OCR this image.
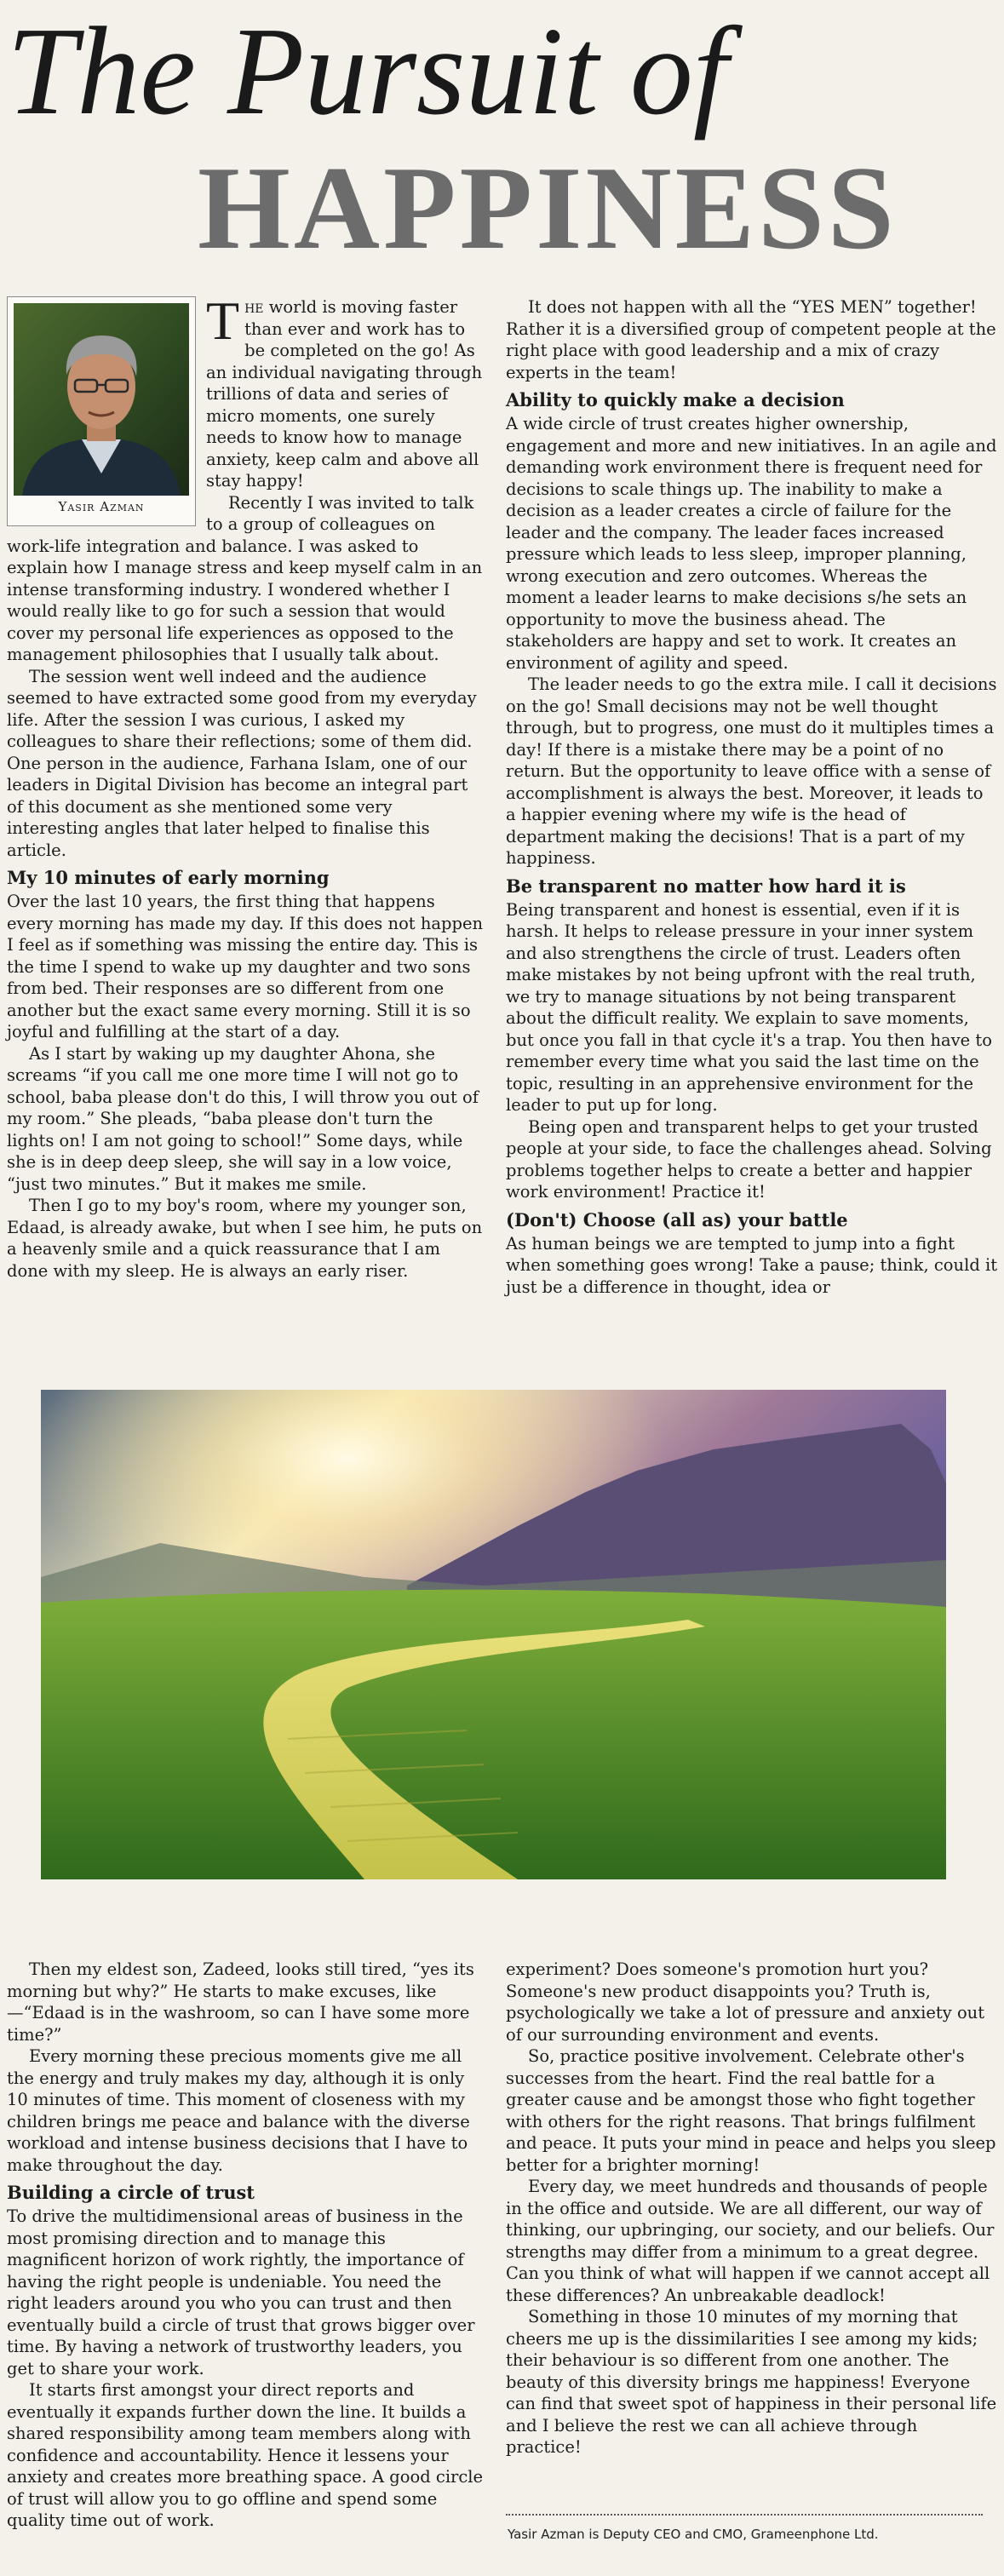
The Pursuit of
HAPPINESS
Yasir Azman

The world is moving faster than ever and work has to be completed on the go! As an individual navigating through trillions of data and series of micro moments, one surely needs to know how to manage anxiety, keep calm and above all stay happy!

Recently I was invited to talk to a group of colleagues on work-life integration and balance. I was asked to explain how I manage stress and keep myself calm in an intense transforming industry. I wondered whether I would really like to go for such a session that would cover my personal life experiences as opposed to the management philosophies that I usually talk about.

The session went well indeed and the audience seemed to have extracted some good from my everyday life. After the session I was curious, I asked my colleagues to share their reflections; some of them did. One person in the audience, Farhana Islam, one of our leaders in Digital Division has become an integral part of this document as she mentioned some very interesting angles that later helped to finalise this article.

My 10 minutes of early morning

Over the last 10 years, the first thing that happens every morning has made my day. If this does not happen I feel as if something was missing the entire day. This is the time I spend to wake up my daughter and two sons from bed. Their responses are so different from one another but the exact same every morning. Still it is so joyful and fulfilling at the start of a day.

As I start by waking up my daughter Ahona, she screams “if you call me one more time I will not go to school, baba please don't do this, I will throw you out of my room.” She pleads, “baba please don't turn the lights on! I am not going to school!” Some days, while she is in deep deep sleep, she will say in a low voice, “just two minutes.” But it makes me smile.

Then I go to my boy's room, where my younger son, Edaad, is already awake, but when I see him, he puts on a heavenly smile and a quick reassurance that I am done with my sleep. He is always an early riser.

It does not happen with all the “YES MEN” together! Rather it is a diversified group of competent people at the right place with good leadership and a mix of crazy experts in the team!

Ability to quickly make a decision

A wide circle of trust creates higher ownership, engagement and more and new initiatives. In an agile and demanding work environment there is frequent need for decisions to scale things up. The inability to make a decision as a leader creates a circle of failure for the leader and the company. The leader faces increased pressure which leads to less sleep, improper planning, wrong execution and zero outcomes. Whereas the moment a leader learns to make decisions s/he sets an opportunity to move the business ahead. The stakeholders are happy and set to work. It creates an environment of agility and speed.

The leader needs to go the extra mile. I call it decisions on the go! Small decisions may not be well thought through, but to progress, one must do it multiples times a day! If there is a mistake there may be a point of no return. But the opportunity to leave office with a sense of accomplishment is always the best. Moreover, it leads to a happier evening where my wife is the head of department making the decisions! That is a part of my happiness.

Be transparent no matter how hard it is

Being transparent and honest is essential, even if it is harsh. It helps to release pressure in your inner system and also strengthens the circle of trust. Leaders often make mistakes by not being upfront with the real truth, we try to manage situations by not being transparent about the difficult reality. We explain to save moments, but once you fall in that cycle it's a trap. You then have to remember every time what you said the last time on the topic, resulting in an apprehensive environment for the leader to put up for long.

Being open and transparent helps to get your trusted people at your side, to face the challenges ahead. Solving problems together helps to create a better and happier work environment! Practice it!

(Don't) Choose (all as) your battle

As human beings we are tempted to jump into a fight when something goes wrong! Take a pause; think, could it just be a difference in thought, idea or

Then my eldest son, Zadeed, looks still tired, “yes its morning but why?” He starts to make excuses, like—“Edaad is in the washroom, so can I have some more time?”

Every morning these precious moments give me all the energy and truly makes my day, although it is only 10 minutes of time. This moment of closeness with my children brings me peace and balance with the diverse workload and intense business decisions that I have to make throughout the day.

Building a circle of trust

To drive the multidimensional areas of business in the most promising direction and to manage this magnificent horizon of work rightly, the importance of having the right people is undeniable. You need the right leaders around you who you can trust and then eventually build a circle of trust that grows bigger over time. By having a network of trustworthy leaders, you get to share your work.

It starts first amongst your direct reports and eventually it expands further down the line. It builds a shared responsibility among team members along with confidence and accountability. Hence it lessens your anxiety and creates more breathing space. A good circle of trust will allow you to go offline and spend some quality time out of work.

experiment? Does someone's promotion hurt you? Someone's new product disappoints you? Truth is, psychologically we take a lot of pressure and anxiety out of our surrounding environment and events.

So, practice positive involvement. Celebrate other's successes from the heart. Find the real battle for a greater cause and be amongst those who fight together with others for the right reasons. That brings fulfilment and peace. It puts your mind in peace and helps you sleep better for a brighter morning!

Every day, we meet hundreds and thousands of people in the office and outside. We are all different, our way of thinking, our upbringing, our society, and our beliefs. Our strengths may differ from a minimum to a great degree. Can you think of what will happen if we cannot accept all these differences? An unbreakable deadlock!

Something in those 10 minutes of my morning that cheers me up is the dissimilarities I see among my kids; their behaviour is so different from one another. The beauty of this diversity brings me happiness! Everyone can find that sweet spot of happiness in their personal life and I believe the rest we can all achieve through practice!

Yasir Azman is Deputy CEO and CMO, Grameenphone Ltd.
